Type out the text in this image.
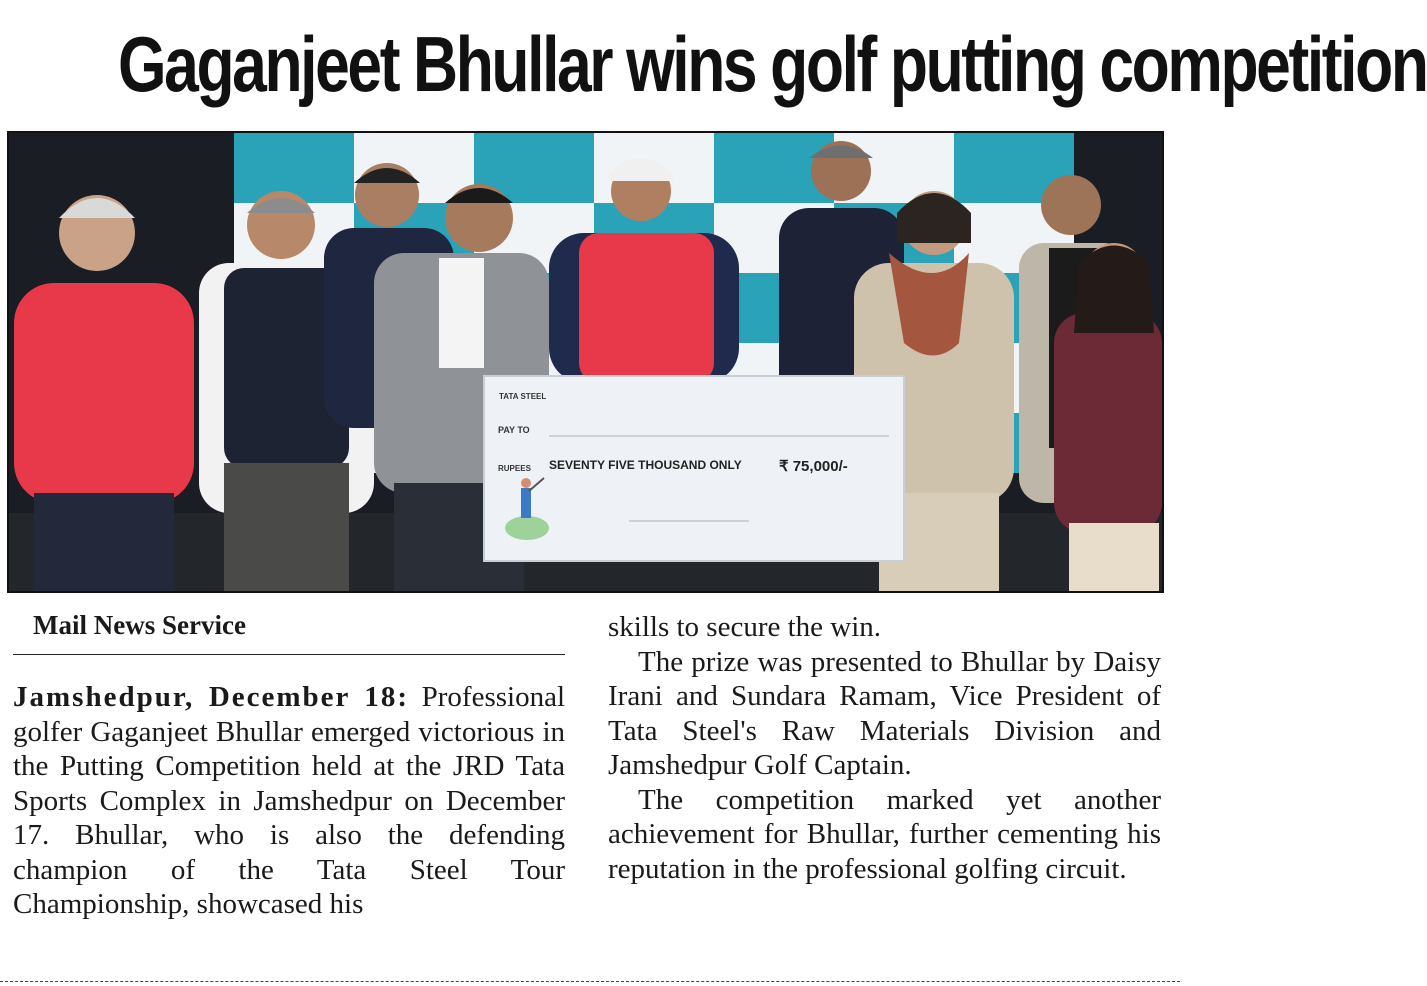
Gaganjeet Bhullar wins golf putting competition
TATA STEEL
PAY TO
RUPEES SEVENTY FIVE THOUSAND ONLY ₹ 75,000/-
Mail News Service

Jamshedpur, December 18: Professional golfer Gaganjeet Bhullar emerged victorious in the Putting Competition held at the JRD Tata Sports Complex in Jamshedpur on December 17. Bhullar, who is also the defending champion of the Tata Steel Tour Championship, showcased his

skills to secure the win.

The prize was presented to Bhullar by Daisy Irani and Sundara Ramam, Vice President of Tata Steel's Raw Materials Division and Jamshedpur Golf Captain.

The competition marked yet another achievement for Bhullar, further cementing his reputation in the professional golfing circuit.
